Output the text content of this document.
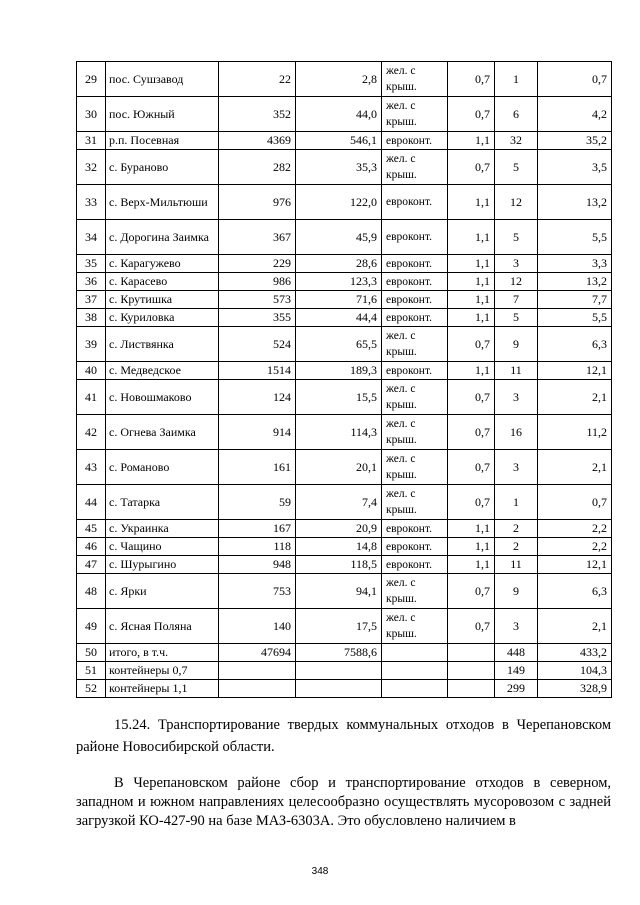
29	пос. Сушзавод	22	2,8	жел. с крыш.	0,7	1	0,7
30	пос. Южный	352	44,0	жел. с крыш.	0,7	6	4,2
31	р.п. Посевная	4369	546,1	евроконт.	1,1	32	35,2
32	с. Бураново	282	35,3	жел. с крыш.	0,7	5	3,5
33	с. Верх-Мильтюши	976	122,0	евроконт.	1,1	12	13,2
34	с. Дорогина Заимка	367	45,9	евроконт.	1,1	5	5,5
35	с. Карагужево	229	28,6	евроконт.	1,1	3	3,3
36	с. Карасево	986	123,3	евроконт.	1,1	12	13,2
37	с. Крутишка	573	71,6	евроконт.	1,1	7	7,7
38	с. Куриловка	355	44,4	евроконт.	1,1	5	5,5
39	с. Листвянка	524	65,5	жел. с крыш.	0,7	9	6,3
40	с. Медведское	1514	189,3	евроконт.	1,1	11	12,1
41	с. Новошмаково	124	15,5	жел. с крыш.	0,7	3	2,1
42	с. Огнева Заимка	914	114,3	жел. с крыш.	0,7	16	11,2
43	с. Романово	161	20,1	жел. с крыш.	0,7	3	2,1
44	с. Татарка	59	7,4	жел. с крыш.	0,7	1	0,7
45	с. Украинка	167	20,9	евроконт.	1,1	2	2,2
46	с. Чащино	118	14,8	евроконт.	1,1	2	2,2
47	с. Шурыгино	948	118,5	евроконт.	1,1	11	12,1
48	с. Ярки	753	94,1	жел. с крыш.	0,7	9	6,3
49	с. Ясная Поляна	140	17,5	жел. с крыш.	0,7	3	2,1
50	итого, в т.ч.	47694	7588,6			448	433,2
51	контейнеры 0,7					149	104,3
52	контейнеры 1,1					299	328,9
15.24. Транспортирование твердых коммунальных отходов в Черепановском районе Новосибирской области.
В Черепановском районе сбор и транспортирование отходов в северном, западном и южном направлениях целесообразно осуществлять мусоровозом с задней загрузкой КО-427-90 на базе МАЗ-6303А. Это обусловлено наличием в
348
